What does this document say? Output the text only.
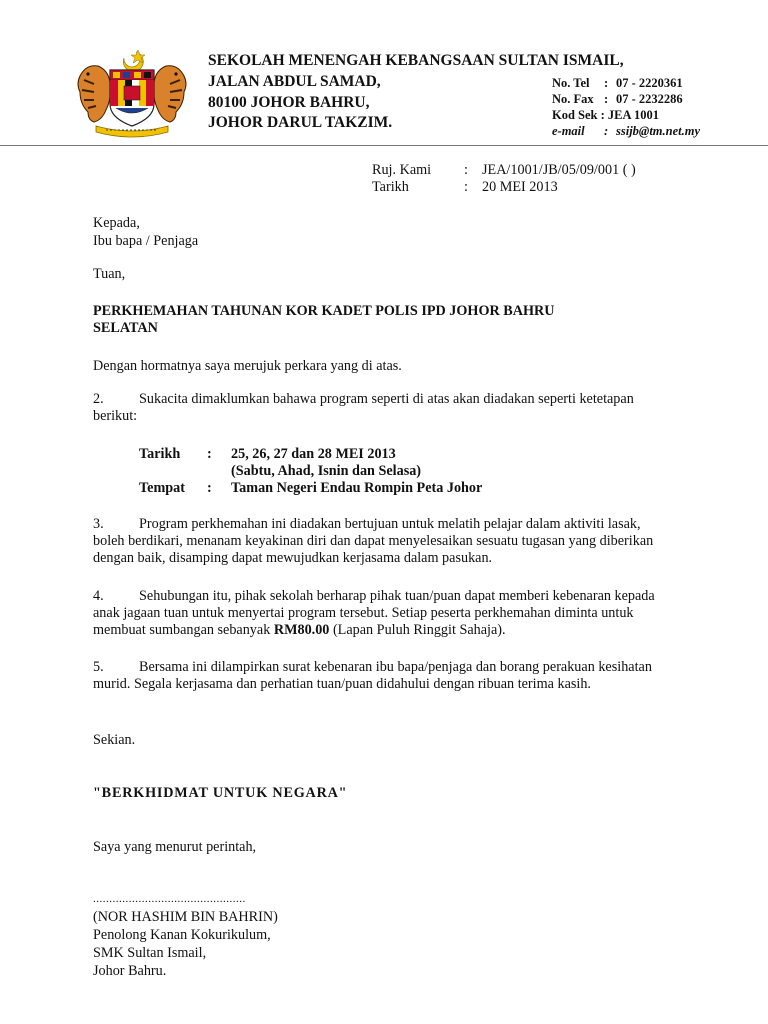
SEKOLAH MENENGAH KEBANGSAAN SULTAN ISMAIL,
JALAN ABDUL SAMAD,
80100 JOHOR BAHRU,
JOHOR DARUL TAKZIM.
No. Tel : 07 - 2220361
No. Fax : 07 - 2232286
Kod Sek : JEA 1001
e-mail : ssijb@tm.net.my
Ruj. Kami	: JEA/1001/JB/05/09/001 ( )
Tarikh	: 20 MEI 2013
Kepada,
Ibu bapa / Penjaga
Tuan,
PERKHEMAHAN TAHUNAN KOR KADET POLIS IPD JOHOR BAHRU SELATAN
Dengan hormatnya saya merujuk perkara yang di atas.

2. Sukacita dimaklumkan bahawa program seperti di atas akan diadakan seperti ketetapan berikut:

Tarikh	:	25, 26, 27 dan 28 MEI 2013
(Sabtu, Ahad, Isnin dan Selasa)
Tempat	:	Taman Negeri Endau Rompin Peta Johor

3. Program perkhemahan ini diadakan bertujuan untuk melatih pelajar dalam aktiviti lasak, boleh berdikari, menanam keyakinan diri dan dapat menyelesaikan sesuatu tugasan yang diberikan dengan baik, disamping dapat mewujudkan kerjasama dalam pasukan.

4. Sehubungan itu, pihak sekolah berharap pihak tuan/puan dapat memberi kebenaran kepada anak jagaan tuan untuk menyertai program tersebut. Setiap peserta perkhemahan diminta untuk membuat sumbangan sebanyak RM80.00 (Lapan Puluh Ringgit Sahaja).

5. Bersama ini dilampirkan surat kebenaran ibu bapa/penjaga dan borang perakuan kesihatan murid. Segala kerjasama dan perhatian tuan/puan didahului dengan ribuan terima kasih.

Sekian.
"BERKHIDMAT UNTUK NEGARA"
Saya yang menurut perintah,
...............................................
(NOR HASHIM BIN BAHRIN)
Penolong Kanan Kokurikulum,
SMK Sultan Ismail,
Johor Bahru.
